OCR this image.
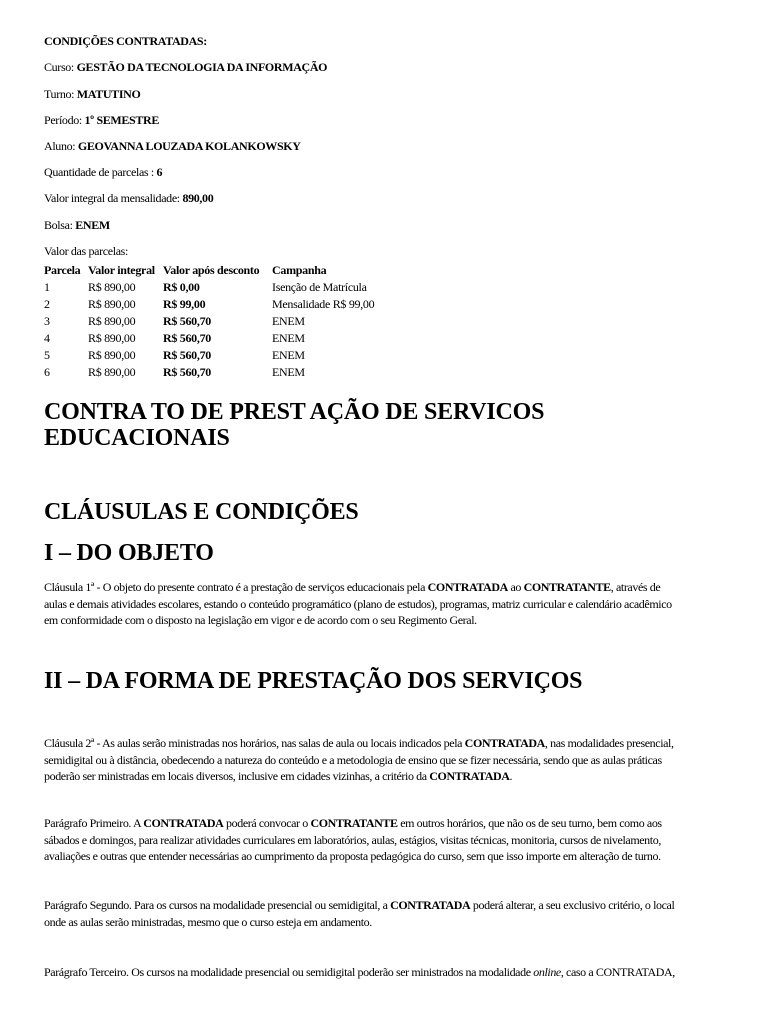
CONDIÇÕES CONTRATADAS:
Curso: GESTÃO DA TECNOLOGIA DA INFORMAÇÃO
Turno: MATUTINO
Período: 1º SEMESTRE
Aluno: GEOVANNA LOUZADA KOLANKOWSKY
Quantidade de parcelas : 6
Valor integral da mensalidade: 890,00
Bolsa: ENEM
Valor das parcelas:
Parcela	Valor integral	Valor após desconto	Campanha
1	R$ 890,00	R$ 0,00	Isenção de Matrícula
2	R$ 890,00	R$ 99,00	Mensalidade R$ 99,00
3	R$ 890,00	R$ 560,70	ENEM
4	R$ 890,00	R$ 560,70	ENEM
5	R$ 890,00	R$ 560,70	ENEM
6	R$ 890,00	R$ 560,70	ENEM
CONTRA TO DE PREST AÇÃO DE SERVICOS
EDUCACIONAIS
CLÁUSULAS E CONDIÇÕES
I – DO OBJETO
Cláusula 1ª - O objeto do presente contrato é a prestação de serviços educacionais pela CONTRATADA ao CONTRATANTE, através de
aulas e demais atividades escolares, estando o conteúdo programático (plano de estudos), programas, matriz curricular e calendário acadêmico
em conformidade com o disposto na legislação em vigor e de acordo com o seu Regimento Geral.
II – DA FORMA DE PRESTAÇÃO DOS SERVIÇOS
Cláusula 2ª - As aulas serão ministradas nos horários, nas salas de aula ou locais indicados pela CONTRATADA, nas modalidades presencial,
semidigital ou à distância, obedecendo a natureza do conteúdo e a metodologia de ensino que se fizer necessária, sendo que as aulas práticas
poderão ser ministradas em locais diversos, inclusive em cidades vizinhas, a critério da CONTRATADA.
Parágrafo Primeiro. A CONTRATADA poderá convocar o CONTRATANTE em outros horários, que não os de seu turno, bem como aos
sábados e domingos, para realizar atividades curriculares em laboratórios, aulas, estágios, visitas técnicas, monitoria, cursos de nivelamento,
avaliações e outras que entender necessárias ao cumprimento da proposta pedagógica do curso, sem que isso importe em alteração de turno.
Parágrafo Segundo. Para os cursos na modalidade presencial ou semidigital, a CONTRATADA poderá alterar, a seu exclusivo critério, o local
onde as aulas serão ministradas, mesmo que o curso esteja em andamento.
Parágrafo Terceiro. Os cursos na modalidade presencial ou semidigital poderão ser ministrados na modalidade online, caso a CONTRATADA,
